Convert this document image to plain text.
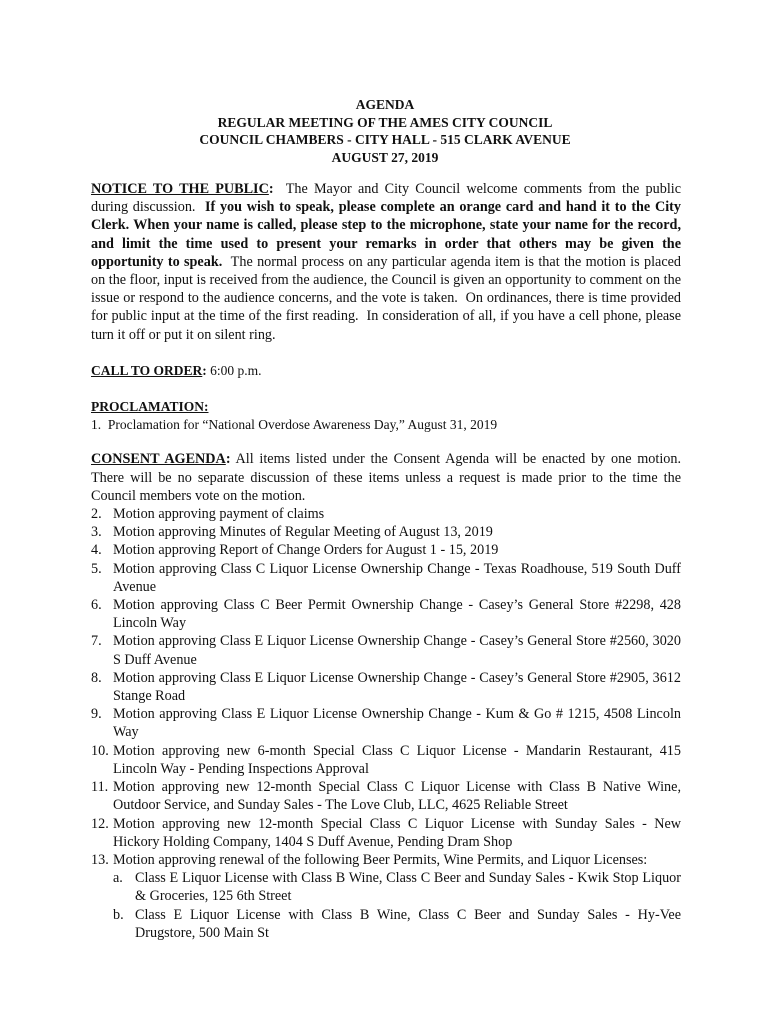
AGENDA
REGULAR MEETING OF THE AMES CITY COUNCIL
COUNCIL CHAMBERS - CITY HALL - 515 CLARK AVENUE
AUGUST 27, 2019

NOTICE TO THE PUBLIC:  The Mayor and City Council welcome comments from the public during discussion.  If you wish to speak, please complete an orange card and hand it to the City Clerk. When your name is called, please step to the microphone, state your name for the record, and limit the time used to present your remarks in order that others may be given the opportunity to speak.  The normal process on any particular agenda item is that the motion is placed on the floor, input is received from the audience, the Council is given an opportunity to comment on the issue or respond to the audience concerns, and the vote is taken.  On ordinances, there is time provided for public input at the time of the first reading.  In consideration of all, if you have a cell phone, please turn it off or put it on silent ring.

CALL TO ORDER: 6:00 p.m.

PROCLAMATION:

1. Proclamation for “National Overdose Awareness Day,” August 31, 2019

CONSENT AGENDA: All items listed under the Consent Agenda will be enacted by one motion. There will be no separate discussion of these items unless a request is made prior to the time the Council members vote on the motion.

2. Motion approving payment of claims
3. Motion approving Minutes of Regular Meeting of August 13, 2019
4. Motion approving Report of Change Orders for August 1 - 15, 2019
5. Motion approving Class C Liquor License Ownership Change - Texas Roadhouse, 519 South Duff Avenue
6. Motion approving Class C Beer Permit Ownership Change - Casey’s General Store #2298, 428 Lincoln Way
7. Motion approving Class E Liquor License Ownership Change - Casey’s General Store #2560, 3020 S Duff Avenue
8. Motion approving Class E Liquor License Ownership Change - Casey’s General Store #2905, 3612 Stange Road
9. Motion approving Class E Liquor License Ownership Change - Kum & Go # 1215, 4508 Lincoln Way
10. Motion approving new 6-month Special Class C Liquor License - Mandarin Restaurant, 415 Lincoln Way - Pending Inspections Approval
11. Motion approving new 12-month Special Class C Liquor License with Class B Native Wine, Outdoor Service, and Sunday Sales - The Love Club, LLC, 4625 Reliable Street
12. Motion approving new 12-month Special Class C Liquor License with Sunday Sales - New Hickory Holding Company, 1404 S Duff Avenue, Pending Dram Shop
13. Motion approving renewal of the following Beer Permits, Wine Permits, and Liquor Licenses:
a. Class E Liquor License with Class B Wine, Class C Beer and Sunday Sales - Kwik Stop Liquor & Groceries, 125 6th Street
b. Class E Liquor License with Class B Wine, Class C Beer and Sunday Sales - Hy-Vee Drugstore, 500 Main St
